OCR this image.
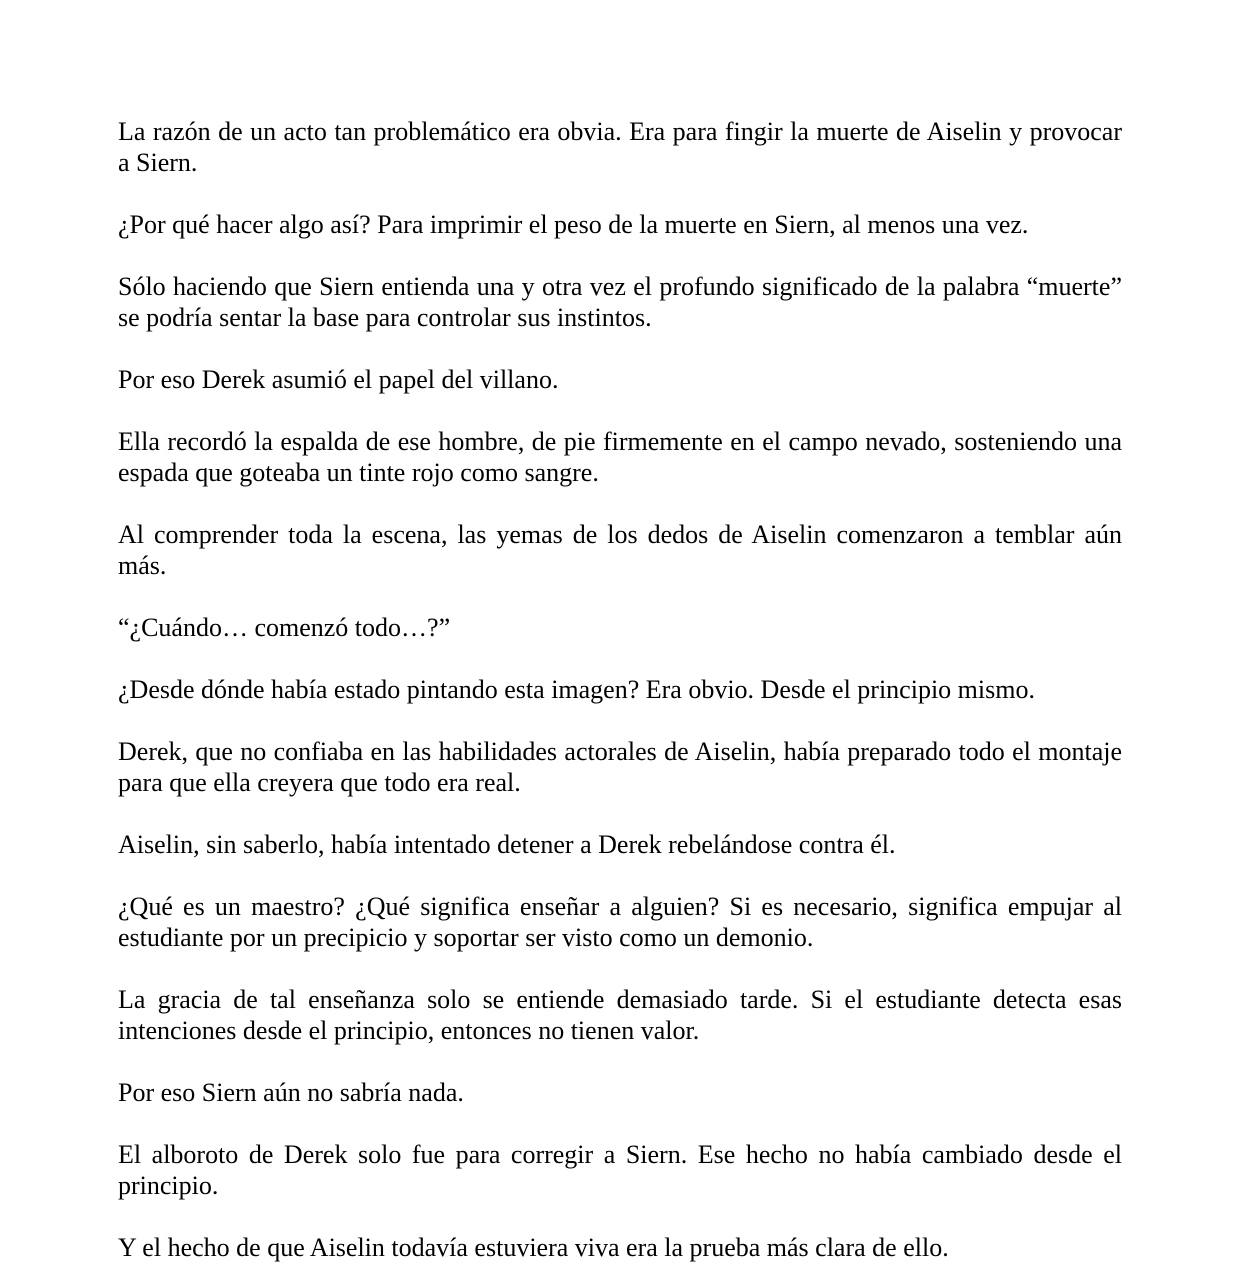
La razón de un acto tan problemático era obvia. Era para fingir la muerte de Aiselin y provocar a Siern.

¿Por qué hacer algo así? Para imprimir el peso de la muerte en Siern, al menos una vez.

Sólo haciendo que Siern entienda una y otra vez el profundo significado de la palabra “muerte” se podría sentar la base para controlar sus instintos.

Por eso Derek asumió el papel del villano.

Ella recordó la espalda de ese hombre, de pie firmemente en el campo nevado, sosteniendo una espada que goteaba un tinte rojo como sangre.

Al comprender toda la escena, las yemas de los dedos de Aiselin comenzaron a temblar aún más.

“¿Cuándo… comenzó todo…?”

¿Desde dónde había estado pintando esta imagen? Era obvio. Desde el principio mismo.

Derek, que no confiaba en las habilidades actorales de Aiselin, había preparado todo el montaje para que ella creyera que todo era real.

Aiselin, sin saberlo, había intentado detener a Derek rebelándose contra él.

¿Qué es un maestro? ¿Qué significa enseñar a alguien? Si es necesario, significa empujar al estudiante por un precipicio y soportar ser visto como un demonio.

La gracia de tal enseñanza solo se entiende demasiado tarde. Si el estudiante detecta esas intenciones desde el principio, entonces no tienen valor.

Por eso Siern aún no sabría nada.

El alboroto de Derek solo fue para corregir a Siern. Ese hecho no había cambiado desde el principio.

Y el hecho de que Aiselin todavía estuviera viva era la prueba más clara de ello.
